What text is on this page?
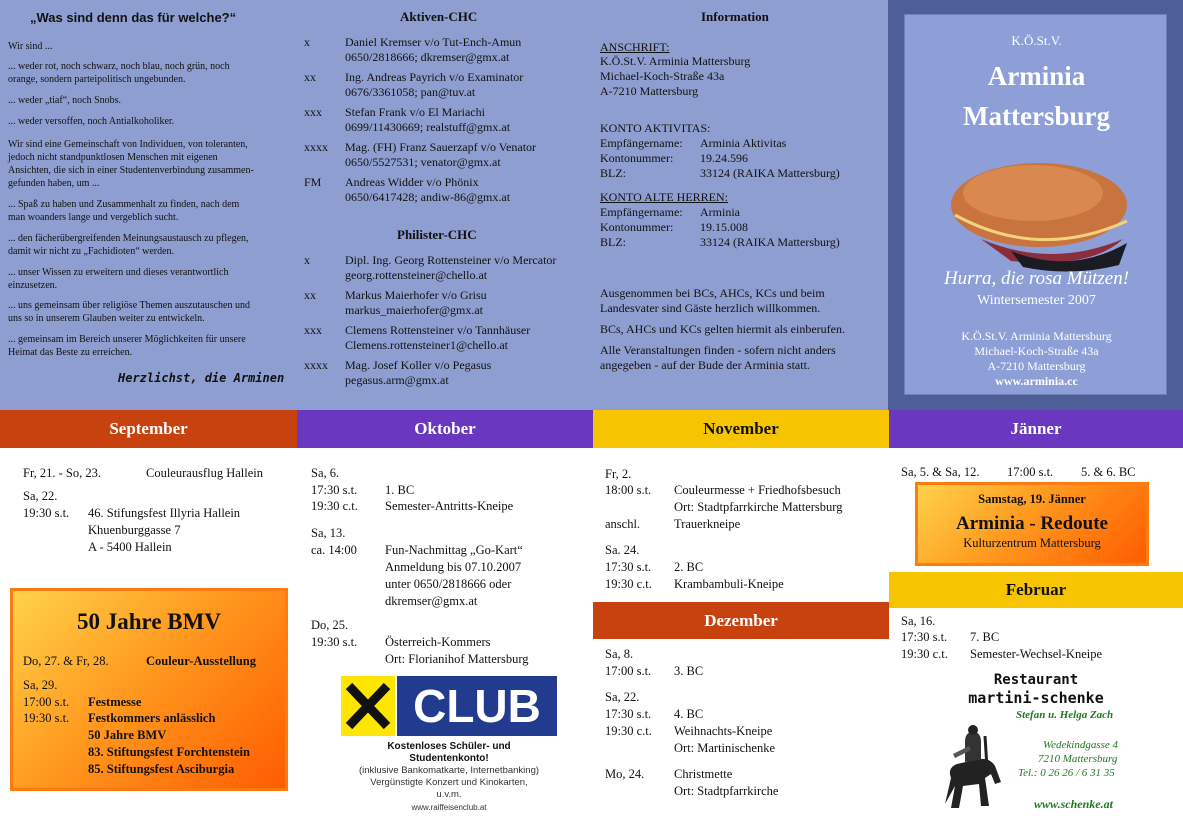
„Was sind denn das für welche?“
Wir sind ...
... weder rot, noch schwarz, noch blau, noch grün, noch
orange, sondern parteipolitisch ungebunden.
... weder „tiaf“, noch Snobs.
... weder versoffen, noch Antialkoholiker.
Wir sind eine Gemeinschaft von Individuen, von toleranten,
jedoch nicht standpunktlosen Menschen mit eigenen
Ansichten, die sich in einer Studentenverbindung zusammen-
gefunden haben, um ...
... Spaß zu haben und Zusammenhalt zu finden, nach dem
man woanders lange und vergeblich sucht.
... den fächerübergreifenden Meinungsaustausch zu pflegen,
damit wir nicht zu „Fachidioten“ werden.
... unser Wissen zu erweitern und dieses verantwortlich
einzusetzen.
... uns gemeinsam über religiöse Themen auszutauschen und
uns so in unserem Glauben weiter zu entwickeln.
... gemeinsam im Bereich unserer Möglichkeiten für unsere
Heimat das Beste zu erreichen.
Herzlichst, die Arminen
Aktiven-CHC
x	Daniel Kremser v/o Tut-Ench-Amun
0650/2818666; dkremser@gmx.at
xx Ing. Andreas Payrich v/o Examinator
0676/3361058; pan@tuv.at
xxx Stefan Frank v/o El Mariachi
0699/11430669; realstuff@gmx.at
xxxx Mag. (FH) Franz Sauerzapf v/o Venator
0650/5527531; venator@gmx.at
FM Andreas Widder v/o Phönix
0650/6417428; andiw-86@gmx.at
Philister-CHC
x	Dipl. Ing. Georg Rottensteiner v/o Mercator
georg.rottensteiner@chello.at
xx Markus Maierhofer v/o Grisu
markus_maierhofer@gmx.at
xxx Clemens Rottensteiner v/o Tannhäuser
Clemens.rottensteiner1@chello.at
xxxx Mag. Josef Koller v/o Pegasus
pegasus.arm@gmx.at
Information
ANSCHRIFT:
K.Ö.St.V. Arminia Mattersburg
Michael-Koch-Straße 43a
A-7210 Mattersburg
KONTO AKTIVITAS:
Empfängername: Arminia Aktivitas
Kontonummer: 19.24.596
BLZ:	33124 (RAIKA Mattersburg)
KONTO ALTE HERREN:
Empfängername: Arminia
Kontonummer: 19.15.008
BLZ:	33124 (RAIKA Mattersburg)
Ausgenommen bei BCs, AHCs, KCs und beim
Landesvater sind Gäste herzlich willkommen.
BCs, AHCs und KCs gelten hiermit als einberufen.
Alle Veranstaltungen finden - sofern nicht anders
angegeben - auf der Bude der Arminia statt.
K.Ö.St.V.
Arminia
Mattersburg
Hurra, die rosa Mützen!
Wintersemester 2007
K.Ö.St.V. Arminia Mattersburg
Michael-Koch-Straße 43a
A-7210 Mattersburg
www.arminia.cc
September	Oktober	November	Jänner
Fr, 21. - So, 23.	Couleurausflug Hallein
Sa, 22.
19:30 s.t. 46. Stifungsfest Illyria Hallein
Khuenburggasse 7
A - 5400 Hallein
50 Jahre BMV
Do, 27. & Fr, 28.	Couleur-Ausstellung
Sa, 29.
17:00 s.t. Festmesse
19:30 s.t. Festkommers anlässlich
50 Jahre BMV
83. Stiftungsfest Forchtenstein
85. Stiftungsfest Asciburgia
Sa, 6.
17:30 s.t. 1. BC
19:30 c.t. Semester-Antritts-Kneipe
Sa, 13.
ca. 14:00 Fun-Nachmittag „Go-Kart“
Anmeldung bis 07.10.2007
unter 0650/2818666 oder
dkremser@gmx.at
Do, 25.
19:30 s.t. Österreich-Kommers
Ort: Florianihof Mattersburg
CLUB
Kostenloses Schüler- und
Studentenkonto!
(inklusive Bankomatkarte, Internetbanking)
Vergünstigte Konzert und Kinokarten,
u.v.m.
www.raiffeisenclub.at
Fr, 2.
18:00 s.t. Couleurmesse + Friedhofsbesuch
Ort: Stadtpfarrkirche Mattersburg
anschl.	Trauerkneipe
Sa. 24.
17:30 s.t. 2. BC
19:30 c.t. Krambambuli-Kneipe
Dezember
Sa, 8.
17:00 s.t. 3. BC
Sa, 22.
17:30 s.t. 4. BC
19:30 c.t. Weihnachts-Kneipe
Ort: Martinischenke
Mo, 24. Christmette
Ort: Stadtpfarrkirche
Sa, 5. & Sa, 12. 17:00 s.t. 5. & 6. BC
Samstag, 19. Jänner
Arminia - Redoute
Kulturzentrum Mattersburg
Februar
Sa, 16.
17:30 s.t. 7. BC
19:30 c.t. Semester-Wechsel-Kneipe
Restaurant
martini-schenke
Stefan u. Helga Zach
Wedekindgasse 4
7210 Mattersburg
Tel.: 0 26 26 / 6 31 35
www.schenke.at
